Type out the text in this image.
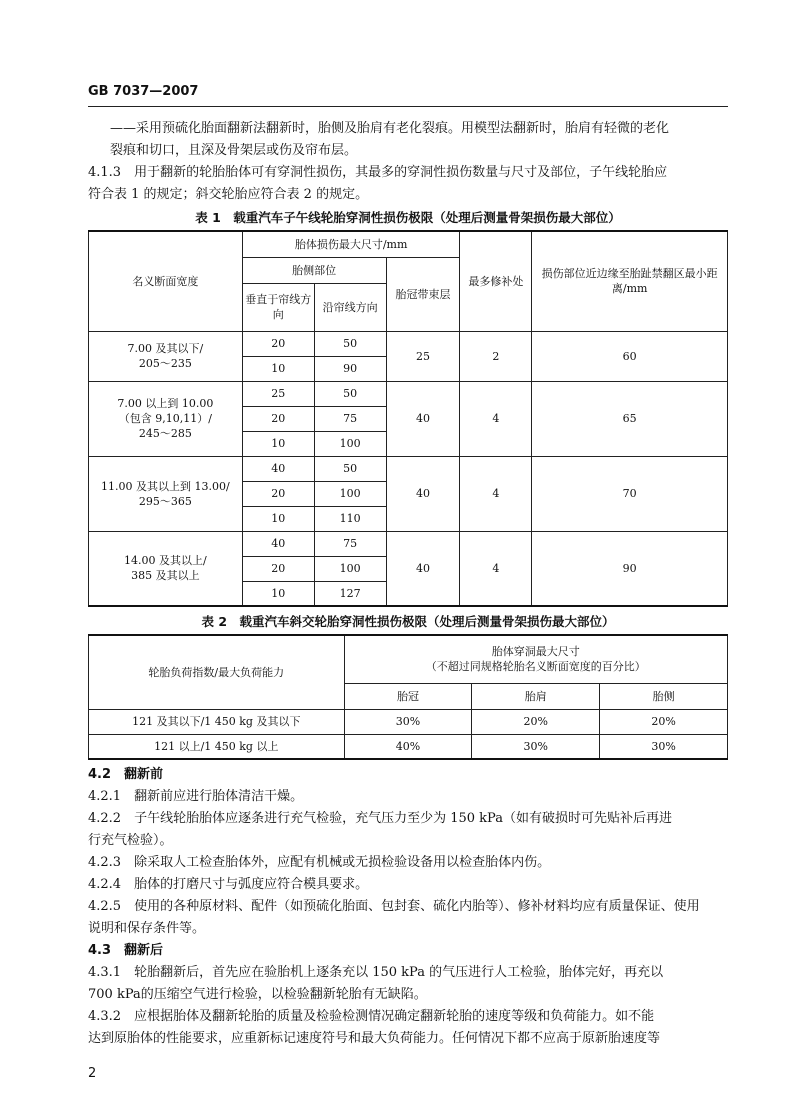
GB 7037—2007
——采用预硫化胎面翻新法翻新时，胎侧及胎肩有老化裂痕。用模型法翻新时，胎肩有轻微的老化
裂痕和切口，且深及骨架层或伤及帘布层。
4.1.3　用于翻新的轮胎胎体可有穿洞性损伤，其最多的穿洞性损伤数量与尺寸及部位，子午线轮胎应
符合表 1 的规定；斜交轮胎应符合表 2 的规定。
表 1　载重汽车子午线轮胎穿洞性损伤极限（处理后测量骨架损伤最大部位）
名义断面宽度	胎体损伤最大尺寸/mm			最多修补处	损伤部位近边缘至胎趾禁翻区最小距离/mm
	胎侧部位		胎冠带束层		
	垂直于帘线方向	沿帘线方向			

7.00 及其以下/
205～235	20	50	25	2	60
	10	90			

7.00 以上到 10.00
（包含 9,10,11）/
245～285	25	50	40	4	65
	20	75			
	10	100			

11.00 及其以上到 13.00/
295～365	40	50	40	4	70
	20	100			
	10	110			

14.00 及其以上/
385 及其以上	40	75	40	4	90
	20	100			
	10	127			
表 2　载重汽车斜交轮胎穿洞性损伤极限（处理后测量骨架损伤最大部位）
轮胎负荷指数/最大负荷能力	胎体穿洞最大尺寸
（不超过同规格轮胎名义断面宽度的百分比）		

	胎冠	胎肩	胎侧
121 及其以下/1 450 kg 及其以下	30%	20%	20%
121 以上/1 450 kg 以上	40%	30%	30%
4.2　翻新前
4.2.1　翻新前应进行胎体清洁干燥。
4.2.2　子午线轮胎胎体应逐条进行充气检验，充气压力至少为 150 kPa（如有破损时可先贴补后再进
行充气检验）。
4.2.3　除采取人工检查胎体外，应配有机械或无损检验设备用以检查胎体内伤。
4.2.4　胎体的打磨尺寸与弧度应符合模具要求。
4.2.5　使用的各种原材料、配件（如预硫化胎面、包封套、硫化内胎等）、修补材料均应有质量保证、使用
说明和保存条件等。
4.3　翻新后
4.3.1　轮胎翻新后，首先应在验胎机上逐条充以 150 kPa 的气压进行人工检验，胎体完好，再充以
700 kPa的压缩空气进行检验，以检验翻新轮胎有无缺陷。
4.3.2　应根据胎体及翻新轮胎的质量及检验检测情况确定翻新轮胎的速度等级和负荷能力。如不能
达到原胎体的性能要求，应重新标记速度符号和最大负荷能力。任何情况下都不应高于原新胎速度等
2
